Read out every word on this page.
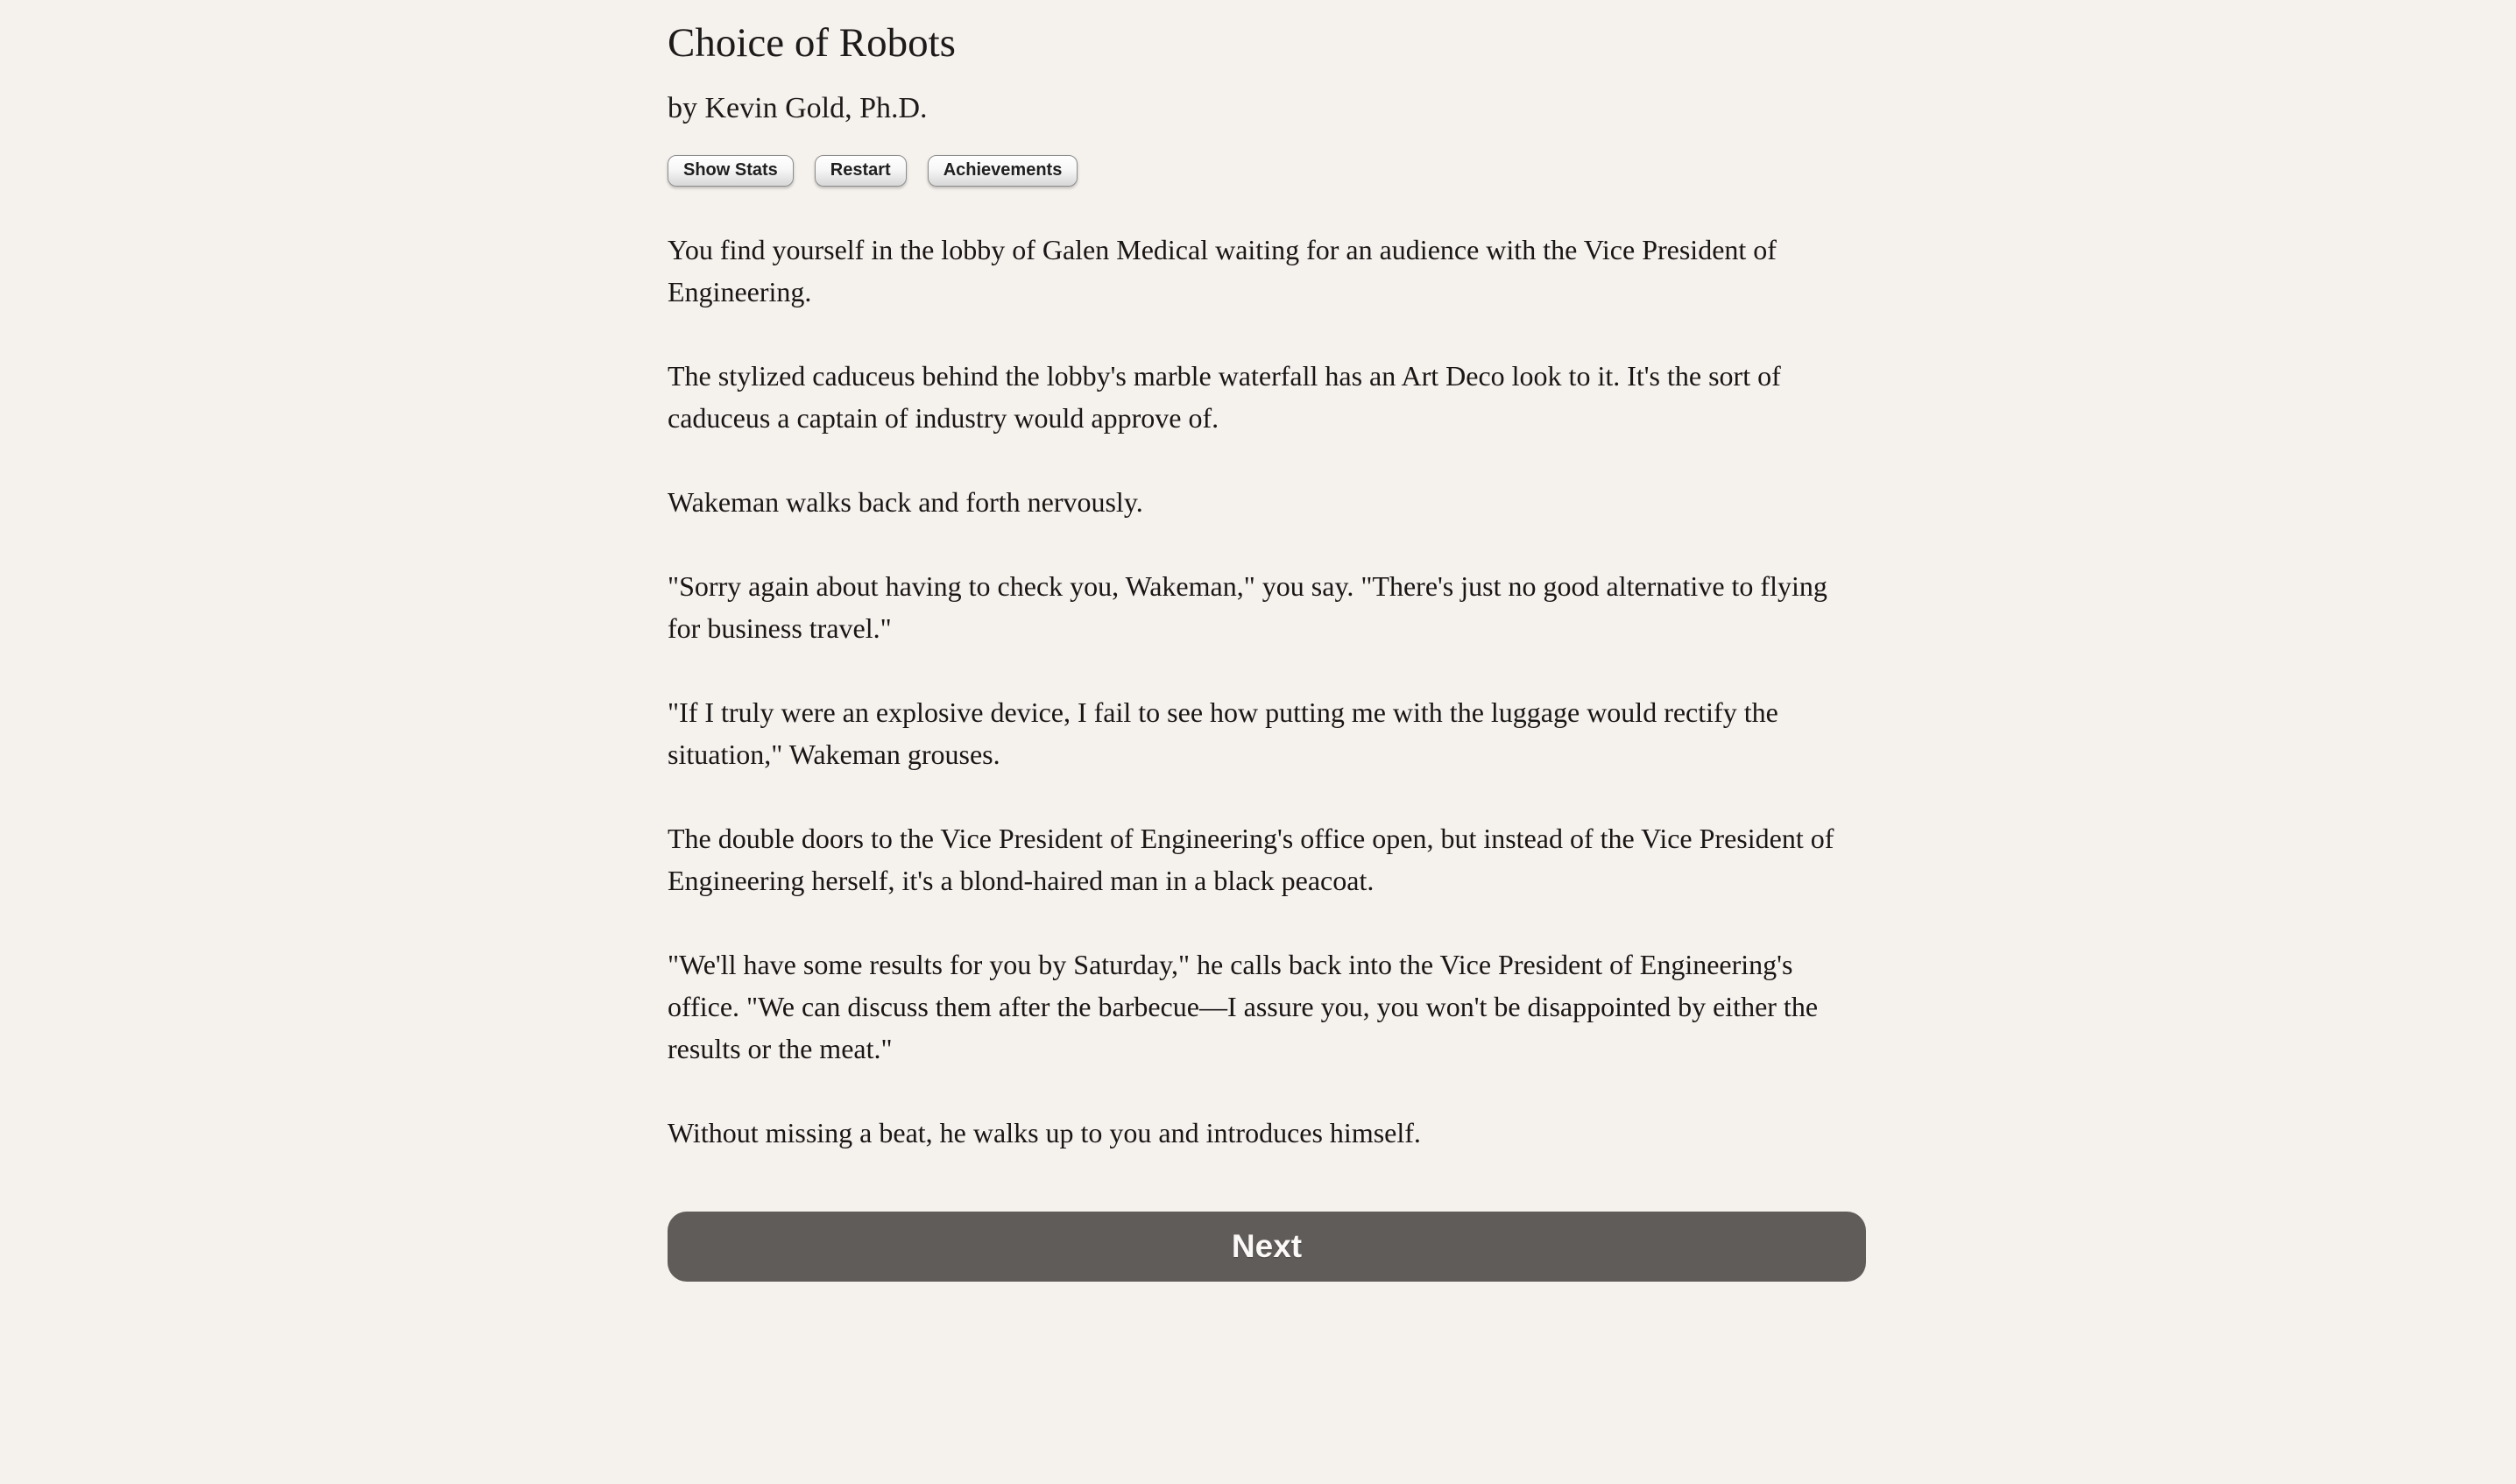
Choice of Robots
by Kevin Gold, Ph.D.
Show Stats	Restart	Achievements

You find yourself in the lobby of Galen Medical waiting for an audience with the Vice President of Engineering.

The stylized caduceus behind the lobby's marble waterfall has an Art Deco look to it. It's the sort of caduceus a captain of industry would approve of.

Wakeman walks back and forth nervously.

"Sorry again about having to check you, Wakeman," you say. "There's just no good alternative to flying for business travel."

"If I truly were an explosive device, I fail to see how putting me with the luggage would rectify the situation," Wakeman grouses.

The double doors to the Vice President of Engineering's office open, but instead of the Vice President of Engineering herself, it's a blond-haired man in a black peacoat.

"We'll have some results for you by Saturday," he calls back into the Vice President of Engineering's office. "We can discuss them after the barbecue—I assure you, you won't be disappointed by either the results or the meat."

Without missing a beat, he walks up to you and introduces himself.

Next
